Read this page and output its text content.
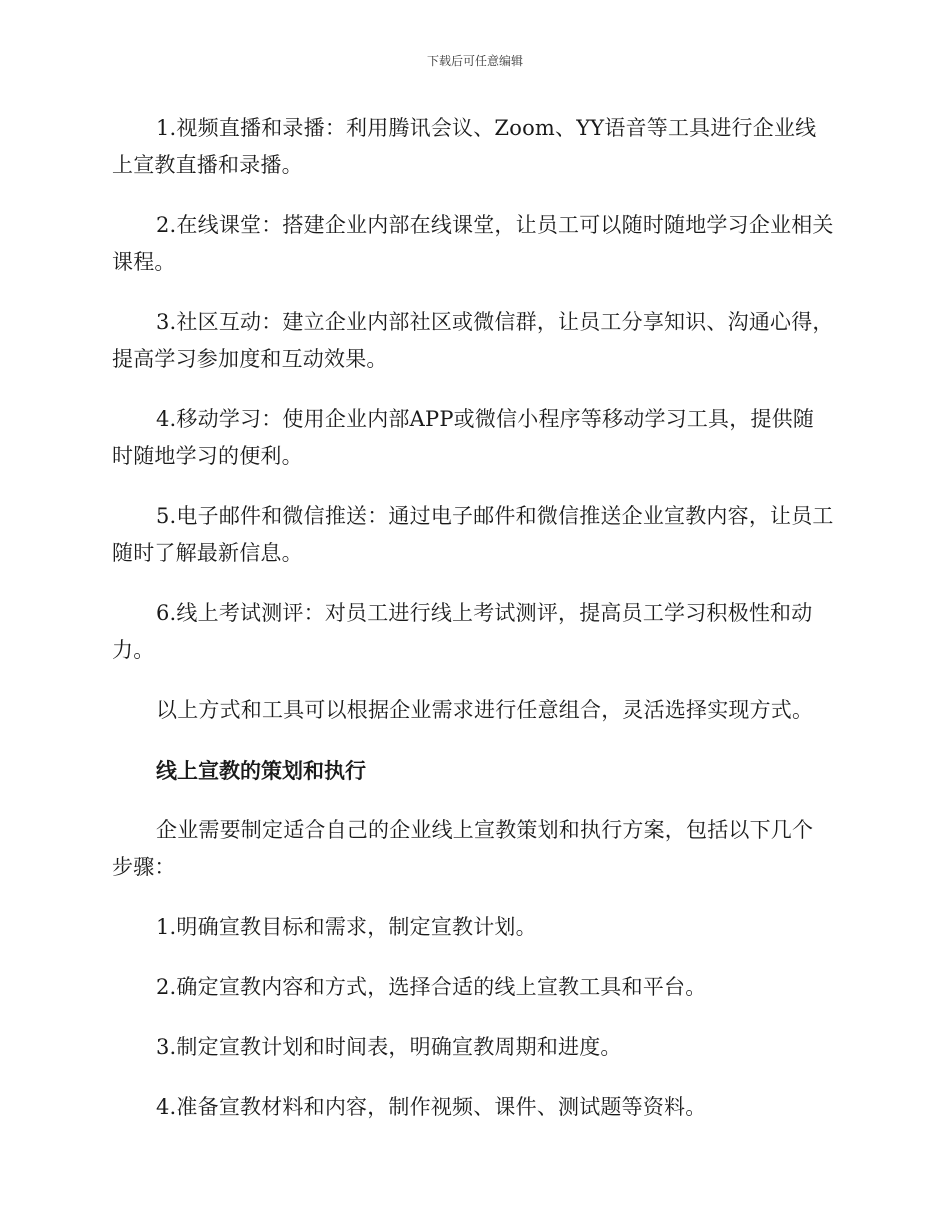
下载后可任意编辑

1.视频直播和录播：利用腾讯会议、Zoom、YY语音等工具进行企业线上宣教直播和录播。

2.在线课堂：搭建企业内部在线课堂，让员工可以随时随地学习企业相关课程。

3.社区互动：建立企业内部社区或微信群，让员工分享知识、沟通心得，提高学习参加度和互动效果。

4.移动学习：使用企业内部APP或微信小程序等移动学习工具，提供随时随地学习的便利。

5.电子邮件和微信推送：通过电子邮件和微信推送企业宣教内容，让员工随时了解最新信息。

6.线上考试测评：对员工进行线上考试测评，提高员工学习积极性和动力。

以上方式和工具可以根据企业需求进行任意组合，灵活选择实现方式。

线上宣教的策划和执行

企业需要制定适合自己的企业线上宣教策划和执行方案，包括以下几个步骤：

1.明确宣教目标和需求，制定宣教计划。

2.确定宣教内容和方式，选择合适的线上宣教工具和平台。

3.制定宣教计划和时间表，明确宣教周期和进度。

4.准备宣教材料和内容，制作视频、课件、测试题等资料。
